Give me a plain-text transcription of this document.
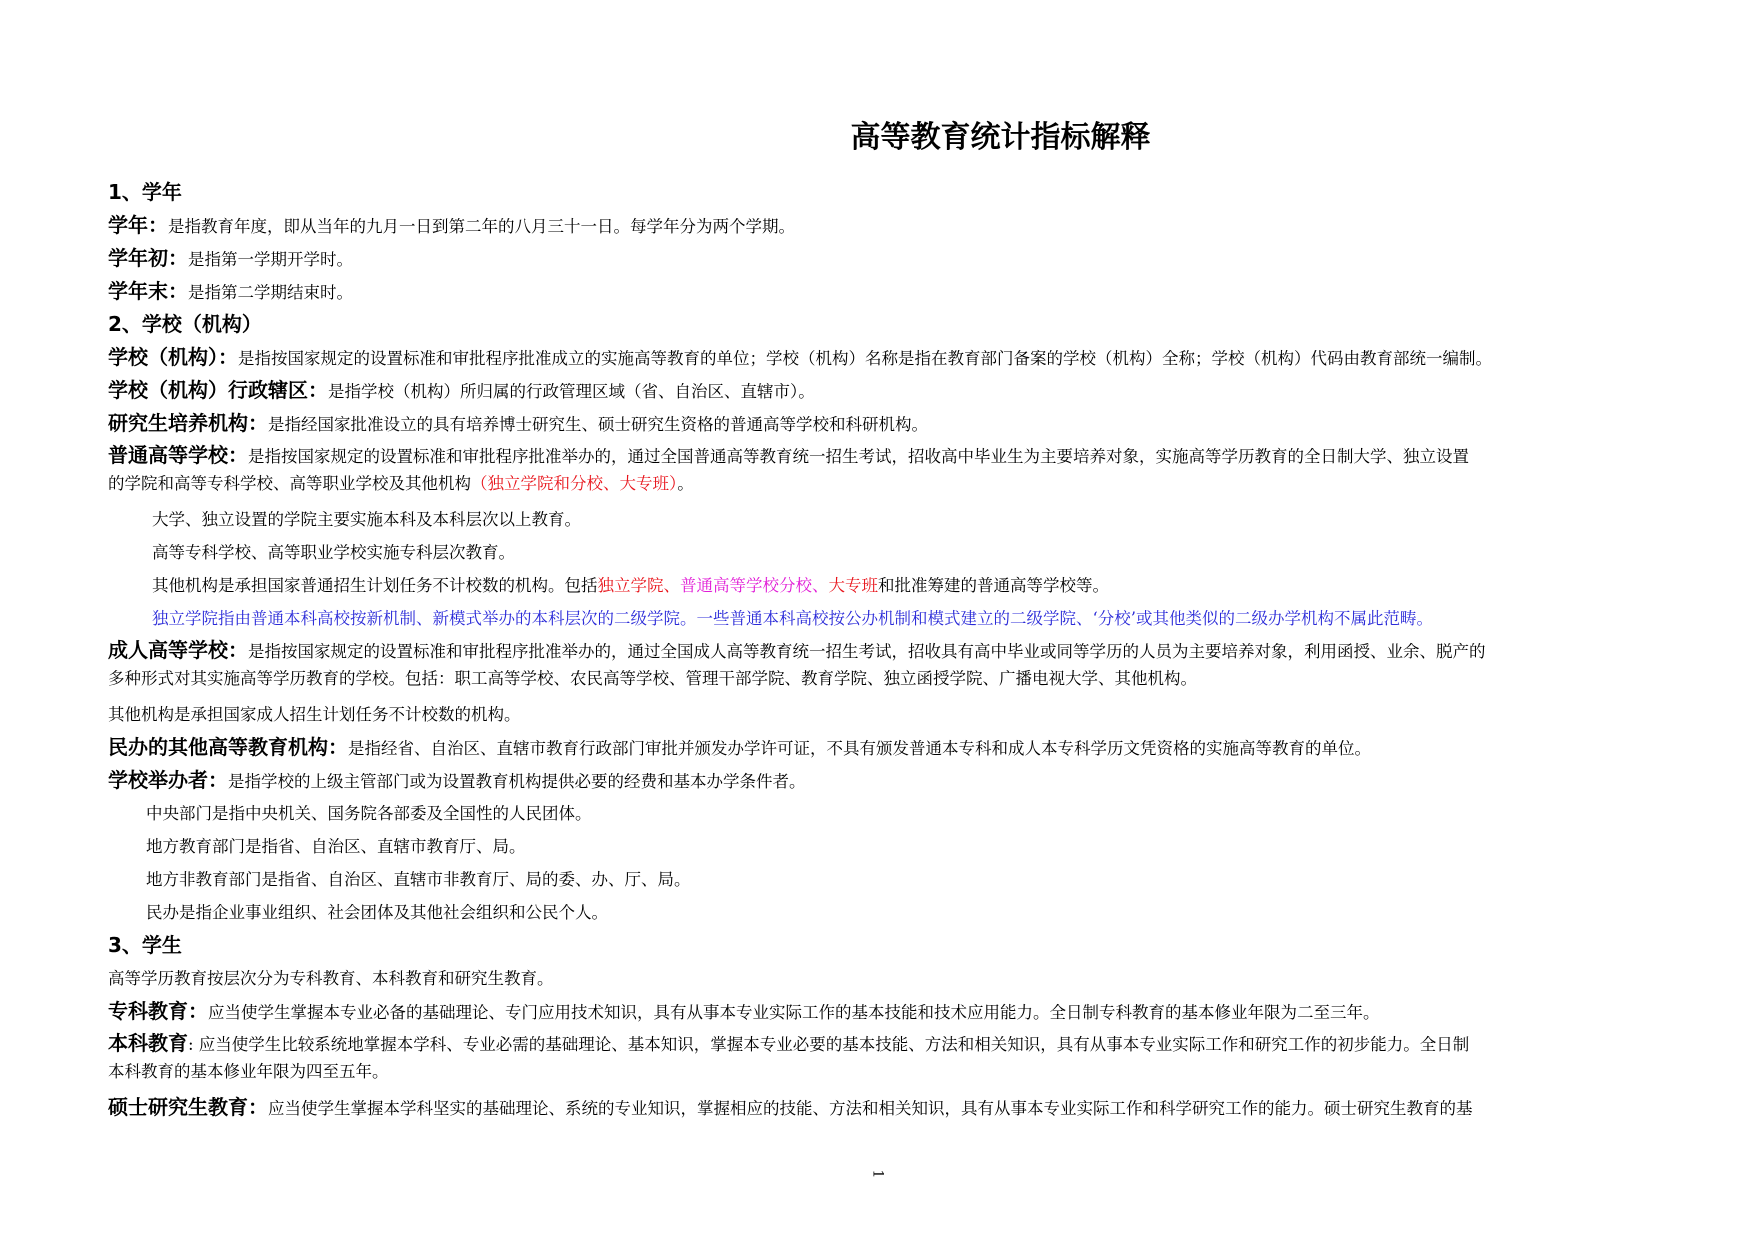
高等教育统计指标解释
1、学年
学年：是指教育年度，即从当年的九月一日到第二年的八月三十一日。每学年分为两个学期。
学年初：是指第一学期开学时。
学年末：是指第二学期结束时。
2、学校（机构）
学校（机构）：是指按国家规定的设置标准和审批程序批准成立的实施高等教育的单位；学校（机构）名称是指在教育部门备案的学校（机构）全称；学校（机构）代码由教育部统一编制。
学校（机构）行政辖区：是指学校（机构）所归属的行政管理区域（省、自治区、直辖市）。
研究生培养机构：是指经国家批准设立的具有培养博士研究生、硕士研究生资格的普通高等学校和科研机构。
普通高等学校：是指按国家规定的设置标准和审批程序批准举办的，通过全国普通高等教育统一招生考试，招收高中毕业生为主要培养对象，实施高等学历教育的全日制大学、独立设置
的学院和高等专科学校、高等职业学校及其他机构（独立学院和分校、大专班）。
大学、独立设置的学院主要实施本科及本科层次以上教育。
高等专科学校、高等职业学校实施专科层次教育。
其他机构是承担国家普通招生计划任务不计校数的机构。包括独立学院、普通高等学校分校、大专班和批准筹建的普通高等学校等。
独立学院指由普通本科高校按新机制、新模式举办的本科层次的二级学院。一些普通本科高校按公办机制和模式建立的二级学院、‘分校’或其他类似的二级办学机构不属此范畴。
成人高等学校：是指按国家规定的设置标准和审批程序批准举办的，通过全国成人高等教育统一招生考试，招收具有高中毕业或同等学历的人员为主要培养对象，利用函授、业余、脱产的
多种形式对其实施高等学历教育的学校。包括：职工高等学校、农民高等学校、管理干部学院、教育学院、独立函授学院、广播电视大学、其他机构。
其他机构是承担国家成人招生计划任务不计校数的机构。
民办的其他高等教育机构：是指经省、自治区、直辖市教育行政部门审批并颁发办学许可证，不具有颁发普通本专科和成人本专科学历文凭资格的实施高等教育的单位。
学校举办者：是指学校的上级主管部门或为设置教育机构提供必要的经费和基本办学条件者。
中央部门是指中央机关、国务院各部委及全国性的人民团体。
地方教育部门是指省、自治区、直辖市教育厅、局。
地方非教育部门是指省、自治区、直辖市非教育厅、局的委、办、厅、局。
民办是指企业事业组织、社会团体及其他社会组织和公民个人。
3、学生
高等学历教育按层次分为专科教育、本科教育和研究生教育。
专科教育：应当使学生掌握本专业必备的基础理论、专门应用技术知识，具有从事本专业实际工作的基本技能和技术应用能力。全日制专科教育的基本修业年限为二至三年。
本科教育: 应当使学生比较系统地掌握本学科、专业必需的基础理论、基本知识，掌握本专业必要的基本技能、方法和相关知识，具有从事本专业实际工作和研究工作的初步能力。全日制
本科教育的基本修业年限为四至五年。
硕士研究生教育：应当使学生掌握本学科坚实的基础理论、系统的专业知识，掌握相应的技能、方法和相关知识，具有从事本专业实际工作和科学研究工作的能力。硕士研究生教育的基
1
